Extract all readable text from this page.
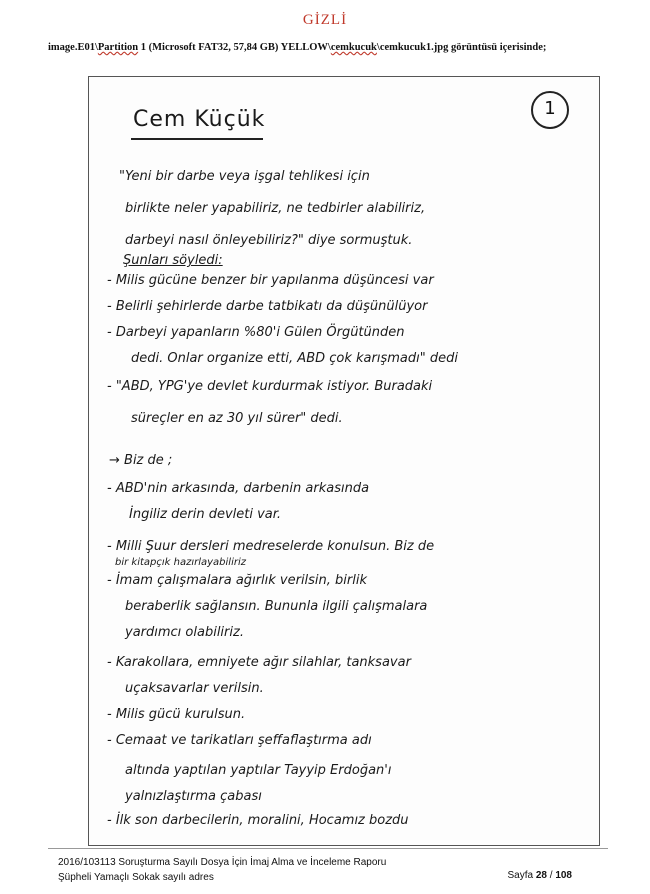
GİZLİ
image.E01\Partition 1 (Microsoft FAT32, 57,84 GB) YELLOW\cemkucuk\cemkucuk1.jpg görüntüsü içerisinde;
Cem Küçük	1
"Yeni bir darbe veya işgal tehlikesi için
birlikte neler yapabiliriz, ne tedbirler alabiliriz,
darbeyi nasıl önleyebiliriz?" diye sormuştuk.
Şunları söyledi:
- Milis gücüne benzer bir yapılanma düşüncesi var
- Belirli şehirlerde darbe tatbikatı da düşünülüyor
- Darbeyi yapanların %80'i Gülen Örgütünden
dedi. Onlar organize etti, ABD çok karışmadı" dedi
- "ABD, YPG'ye devlet kurdurmak istiyor. Buradaki
süreçler en az 30 yıl sürer" dedi.
→ Biz de ;
- ABD'nin arkasında, darbenin arkasında
İngiliz derin devleti var.
- Milli Şuur dersleri medreselerde konulsun. Biz de
bir kitapçık hazırlayabiliriz
- İmam çalışmalara ağırlık verilsin, birlik
beraberlik sağlansın. Bununla ilgili çalışmalara
yardımcı olabiliriz.
- Karakollara, emniyete ağır silahlar, tanksavar
uçaksavarlar verilsin.
- Milis gücü kurulsun.
- Cemaat ve tarikatları şeffaflaştırma adı
altında yaptılan yaptılar Tayyip Erdoğan'ı
yalnızlaştırma çabası
- İlk son darbecilerin, moralini, Hocamız bozdu
2016/103113 Soruşturma Sayılı Dosya İçin İmaj Alma ve İnceleme Raporu
Şüpheli Yamaçlı Sokak sayılı adres	Sayfa 28 / 108
